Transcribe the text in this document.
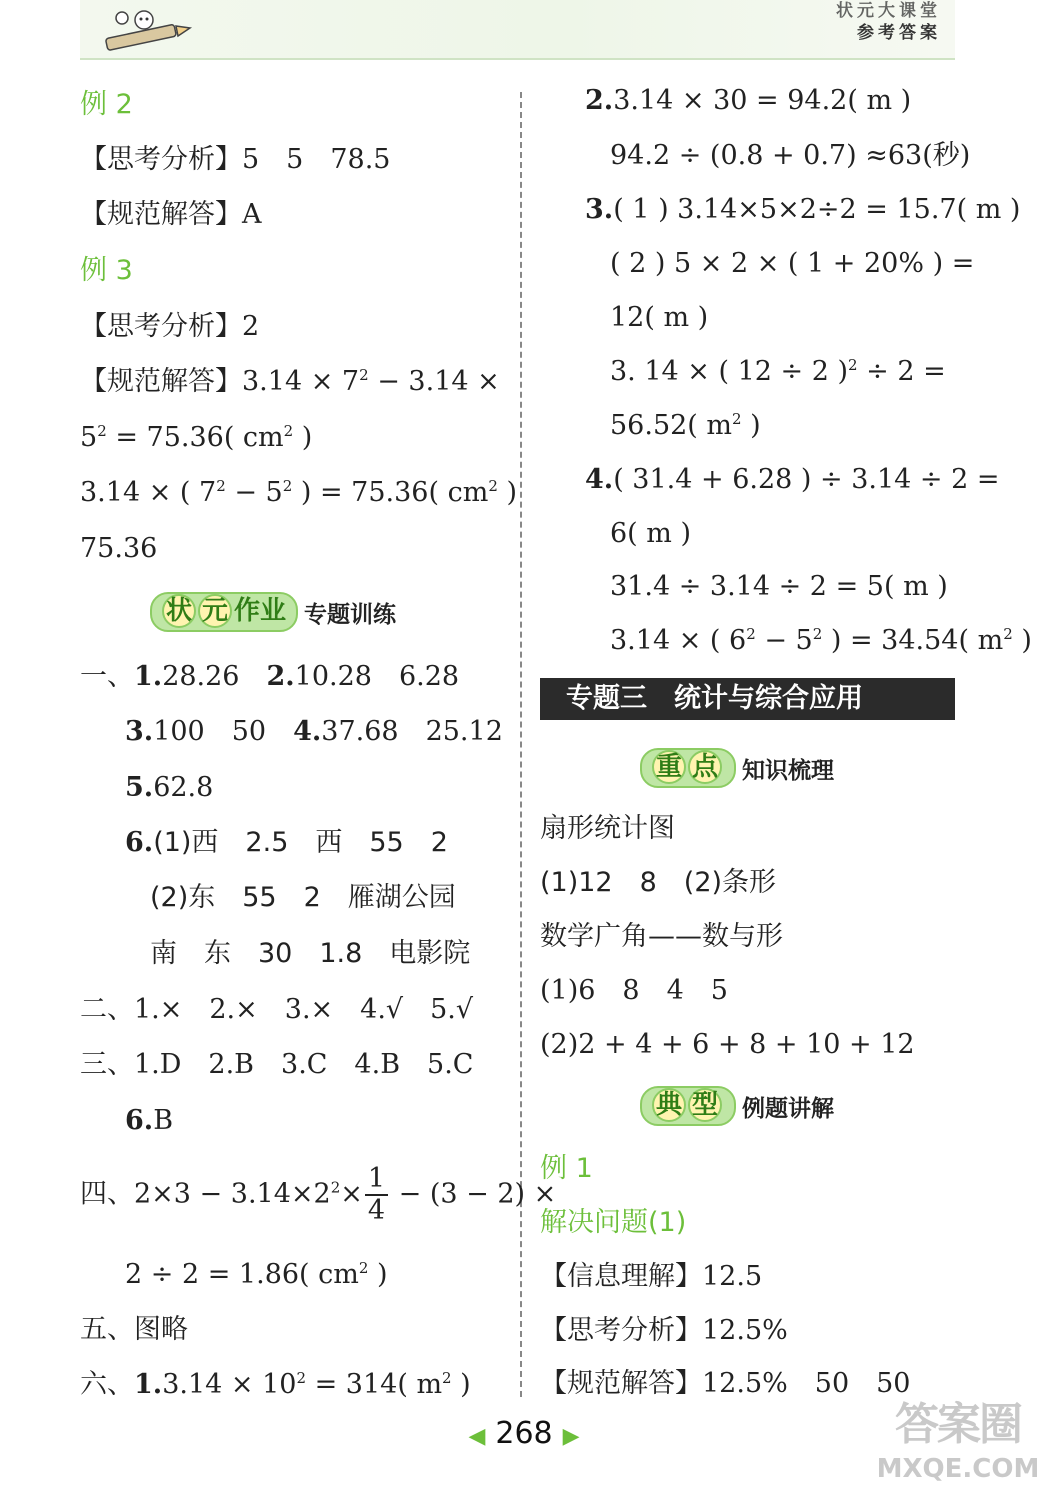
状元大课堂
参考答案
例 2
【思考分析】5　5　78.5
【规范解答】A
例 3
【思考分析】2
【规范解答】$3.14 \times 7^2 - 3.14$ ×
$5^2 = 75.36$( $cm^2$ )
3.14 × ( $7^2 - 5^2$ ) = 75.36( $cm^2$ )
75.36
状 元 作业 专题训练
一、1.28.26　2.10.28　6.28
3.100　50　4.37.68　25.12
5.62.8
6.(1)西　2.5　西　55　2
(2)东　55　2　雁湖公园
南　东　30　1.8　电影院
二、1.×　2.×　3.×　4.√　5.√
三、1.D　2.B　3.C　4.B　5.C
6.B
四、$2\times 3 - 3.14\times 2^2\times \frac{1}{4} - (3 - 2)$ ×
2 ÷ 2 = 1.86( $cm^2$ )
五、图略
六、$1.3.14 \times 10^2 = 314$( $m^2$ )
2.3.14 × 30 = 94.2( m )
94.2 ÷ (0.8 + 0.7) ≈63(秒)
3.( 1 ) 3.14×5×2÷2 = 15.7( m )
( 2 ) 5 × 2 × ( 1 + 20% ) =
12( m )
3. 14 × ( 12 ÷ 2 )$^2$ ÷ 2 =
56.52( $m^2$ )
4.( 31.4 + 6.28 ) ÷ 3.14 ÷ 2 =
6( m )
31.4 ÷ 3.14 ÷ 2 = 5( m )
3.14 × ( $6^2 - 5^2$ ) = 34.54( $m^2$ )
专题三　统计与综合应用
重 点 知识梳理
扇形统计图
(1)12　8　(2)条形
数学广角——数与形
(1)6　8　4　5
(2)2 + 4 + 6 + 8 + 10 + 12
例 1
解决问题(1)
【信息理解】12.5
【思考分析】12.5%
【规范解答】12.5%　50　50
典 型 例题讲解
◀ 268 ▶	答案圈
MXQE.COM
